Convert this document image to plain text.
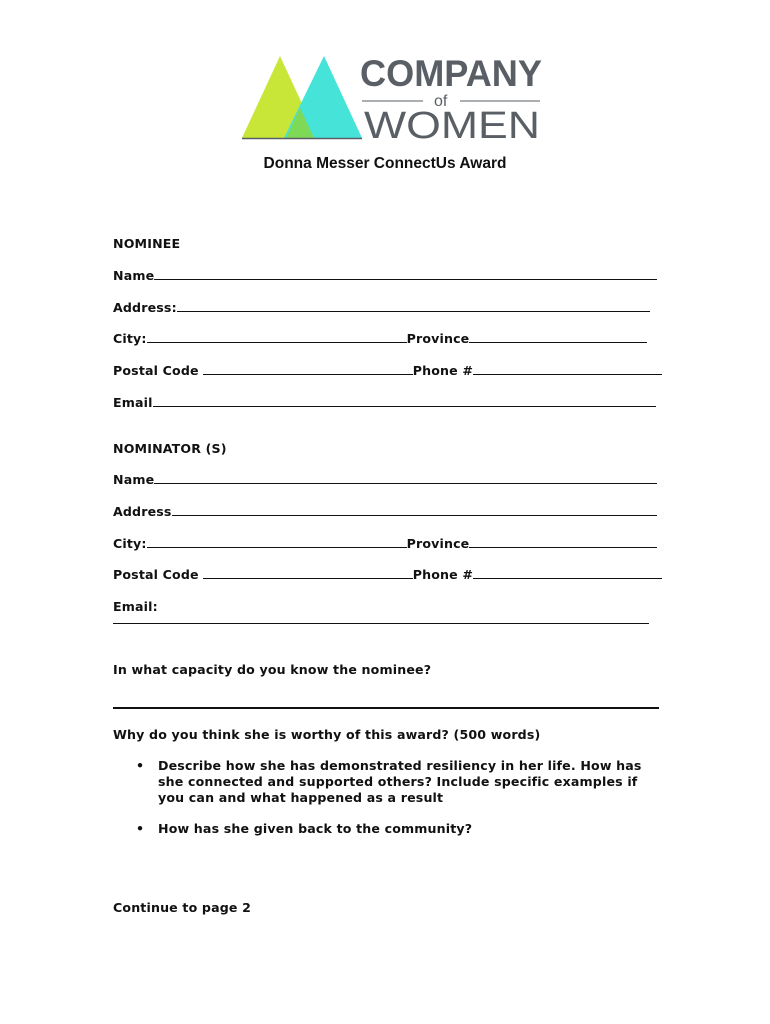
COMPANY
of
WOMEN
Donna Messer ConnectUs Award
NOMINEE
Name
Address:
City:	Province
Postal Code	Phone #
Email
NOMINATOR (S)
Name
Address
City:	Province
Postal Code	Phone #
Email:
In what capacity do you know the nominee?
Why do you think she is worthy of this award? (500 words)
• Describe how she has demonstrated resiliency in her life. How has she connected and supported others? Include specific examples if you can and what happened as a result
• How has she given back to the community?
Continue to page 2
